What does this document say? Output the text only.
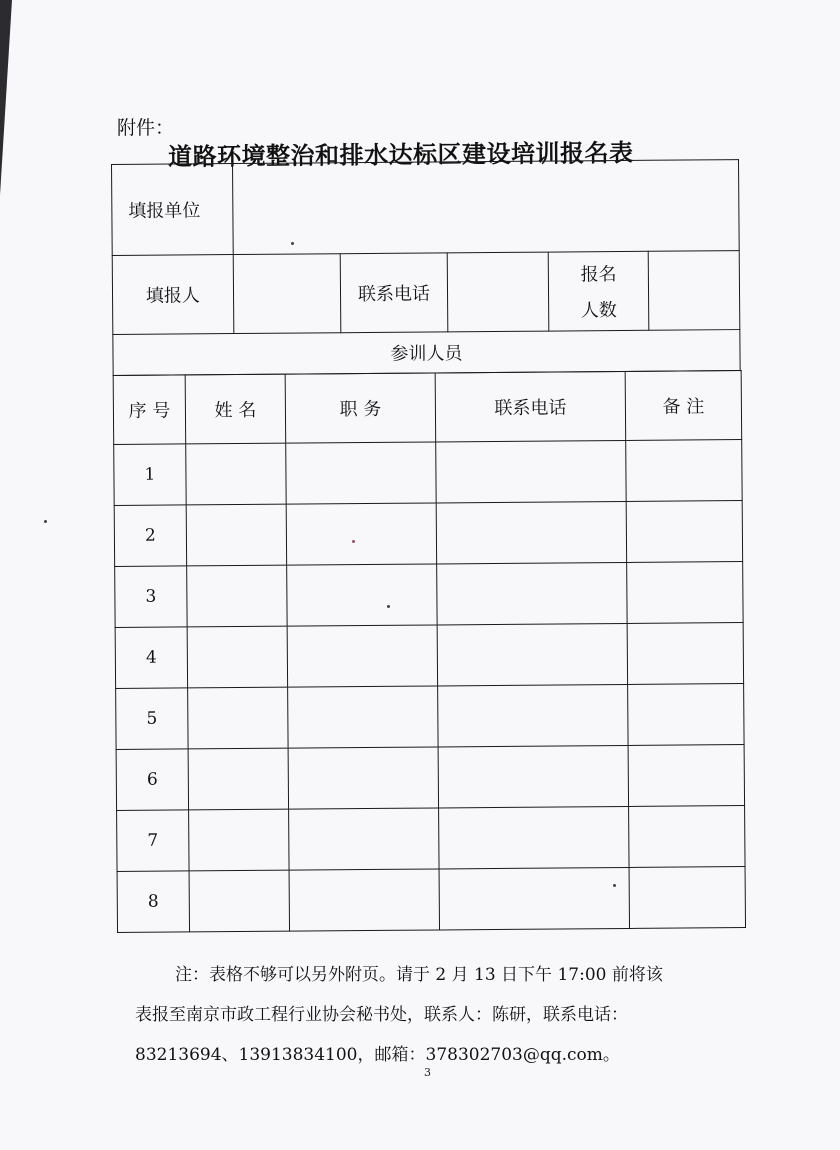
附件：
道路环境整治和排水达标区建设培训报名表
填报单位					
填报人		联系电话		报名
人数	

参训人员					
序 号	姓 名	职 务	联系电话	备 注
1				
2				
3				
4				
5				
6				
7				
8				
注：表格不够可以另外附页。请于 2 月 13 日下午 17:00 前将该
表报至南京市政工程行业协会秘书处，联系人：陈研，联系电话：
83213694、13913834100，邮箱：378302703@qq.com。
3
